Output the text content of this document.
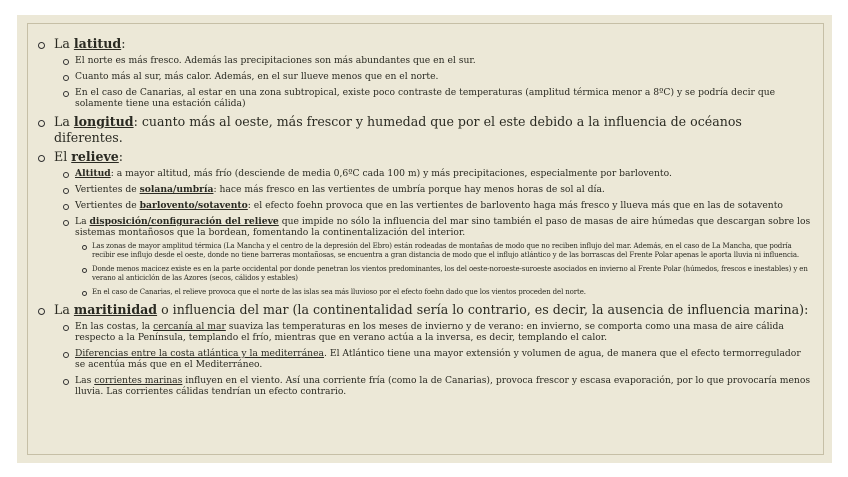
La latitud:
El norte es más fresco. Además las precipitaciones son más abundantes que en el sur.
Cuanto más al sur, más calor. Además, en el sur llueve menos que en el norte.
En el caso de Canarias, al estar en una zona subtropical, existe poco contraste de temperaturas (amplitud térmica menor a 8ºC) y se podría decir que solamente tiene una estación cálida)
La longitud: cuanto más al oeste, más frescor y humedad que por el este debido a la influencia de océanos diferentes.
El relieve:
Altitud: a mayor altitud, más frío (desciende de media 0,6ºC cada 100 m) y más precipitaciones, especialmente por barlovento.
Vertientes de solana/umbría: hace más fresco en las vertientes de umbría porque hay menos horas de sol al día.
Vertientes de barlovento/sotavento: el efecto foehn provoca que en las vertientes de barlovento haga más fresco y llueva más que en las de sotavento
La disposición/configuración del relieve que impide no sólo la influencia del mar sino también el paso de masas de aire húmedas que descargan sobre los sistemas montañosos que la bordean, fomentando la continentalización del interior.
Las zonas de mayor amplitud térmica (La Mancha y el centro de la depresión del Ebro) están rodeadas de montañas de modo que no reciben influjo del mar. Además, en el caso de La Mancha, que podría recibir ese influjo desde el oeste, donde no tiene barreras montañosas, se encuentra a gran distancia de modo que el influjo atlántico y de las borrascas del Frente Polar apenas le aporta lluvia ni influencia.
Donde menos macicez existe es en la parte occidental por donde penetran los vientos predominantes, los del oeste-noroeste-suroeste asociados en invierno al Frente Polar (húmedos, frescos e inestables) y en verano al anticiclón de las Azores (secos, cálidos y estables)
En el caso de Canarias, el relieve provoca que el norte de las islas sea más lluvioso por el efecto foehn dado que los vientos proceden del norte.
La maritinidad o influencia del mar (la continentalidad sería lo contrario, es decir, la ausencia de influencia marina):
En las costas, la cercanía al mar suaviza las temperaturas en los meses de invierno y de verano: en invierno, se comporta como una masa de aire cálida respecto a la Península, templando el frío, mientras que en verano actúa a la inversa, es decir, templando el calor.
Diferencias entre la costa atlántica y la mediterránea. El Atlántico tiene una mayor extensión y volumen de agua, de manera que el efecto termorregulador se acentúa más que en el Mediterráneo.
Las corrientes marinas influyen en el viento. Así una corriente fría (como la de Canarias), provoca frescor y escasa evaporación, por lo que provocaría menos lluvia. Las corrientes cálidas tendrían un efecto contrario.
